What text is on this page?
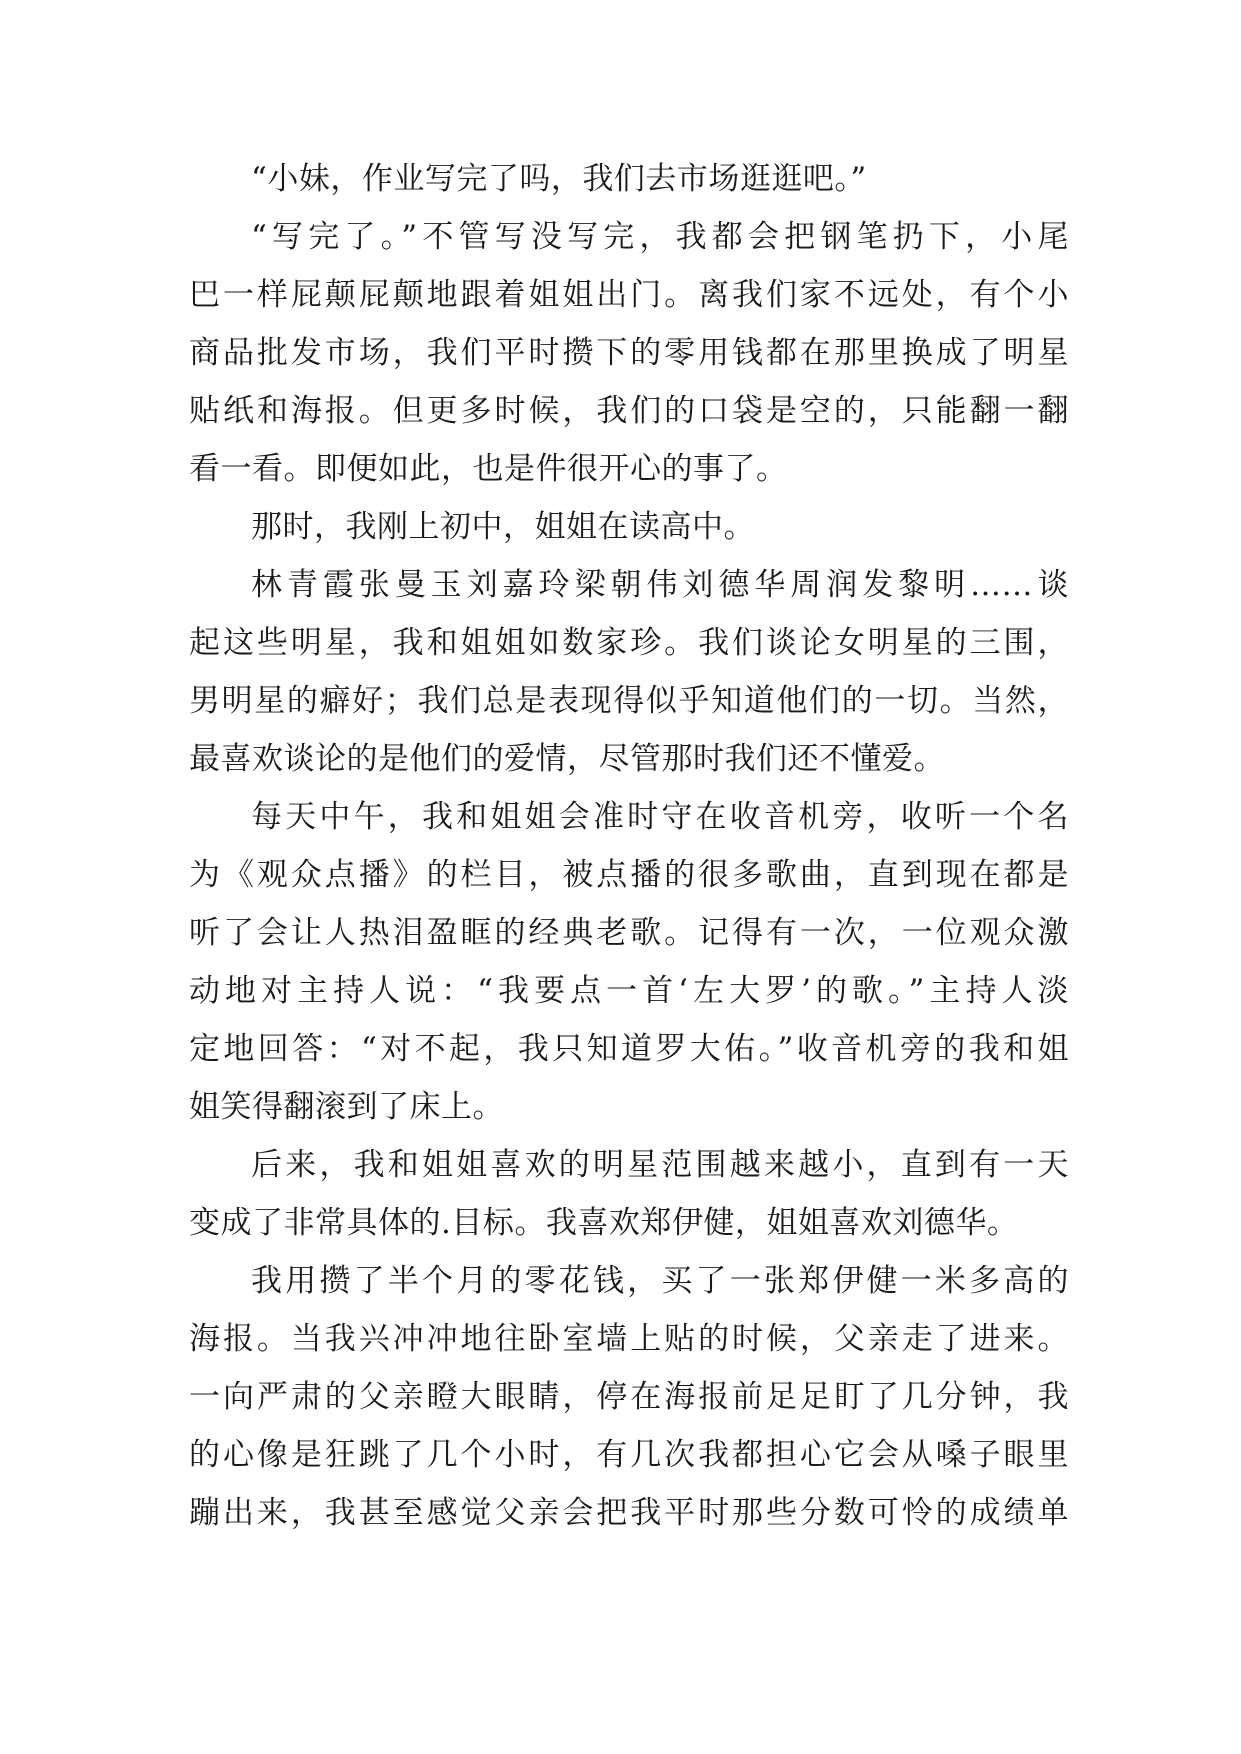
“小妹，作业写完了吗，我们去市场逛逛吧。”
“写完了。”不管写没写完，我都会把钢笔扔下，小尾
巴一样屁颠屁颠地跟着姐姐出门。离我们家不远处，有个小
商品批发市场，我们平时攒下的零用钱都在那里换成了明星
贴纸和海报。但更多时候，我们的口袋是空的，只能翻一翻
看一看。即便如此，也是件很开心的事了。
那时，我刚上初中，姐姐在读高中。
林青霞张曼玉刘嘉玲梁朝伟刘德华周润发黎明……谈
起这些明星，我和姐姐如数家珍。我们谈论女明星的三围，
男明星的癖好；我们总是表现得似乎知道他们的一切。当然，
最喜欢谈论的是他们的爱情，尽管那时我们还不懂爱。
每天中午，我和姐姐会准时守在收音机旁，收听一个名
为《观众点播》的栏目，被点播的很多歌曲，直到现在都是
听了会让人热泪盈眶的经典老歌。记得有一次，一位观众激
动地对主持人说：“我要点一首‘左大罗’的歌。”主持人淡
定地回答：“对不起，我只知道罗大佑。”收音机旁的我和姐
姐笑得翻滚到了床上。
后来，我和姐姐喜欢的明星范围越来越小，直到有一天
变成了非常具体的.目标。我喜欢郑伊健，姐姐喜欢刘德华。
我用攒了半个月的零花钱，买了一张郑伊健一米多高的
海报。当我兴冲冲地往卧室墙上贴的时候，父亲走了进来。
一向严肃的父亲瞪大眼睛，停在海报前足足盯了几分钟，我
的心像是狂跳了几个小时，有几次我都担心它会从嗓子眼里
蹦出来，我甚至感觉父亲会把我平时那些分数可怜的成绩单
